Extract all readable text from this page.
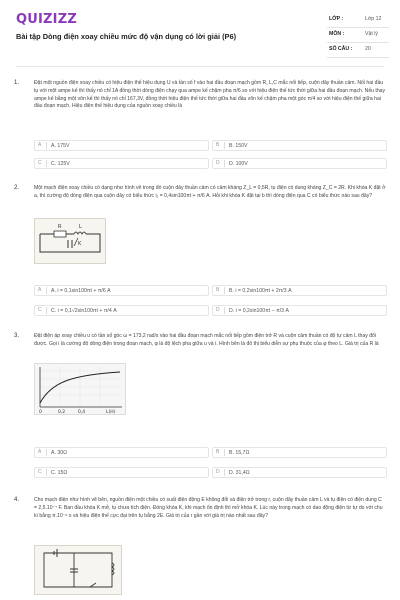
QUIZIZZ
Bài tập Dòng điện xoay chiều mức độ vận dụng có lời giải (P6)
LỚP :	Lớp 12
MÔN :	Vật lý
SỐ CÂU : 20
1.	Đặt một nguồn điện xoay chiều có hiệu điện thế hiệu dụng U và tần số f vào hai đầu đoạn mạch gồm R, L,C mắc nối tiếp, cuộn dây thuần cảm. Nối hai đầu tụ với một ampe kế thì thấy nó chỉ 1A đồng thời dòng điện chạy qua ampe kế chậm pha π/6 so với hiệu điện thế tức thời giữa hai đầu đoạn mạch. Nếu thay ampe kế bằng một vôn kế thì thấy nó chỉ 167,3V, đồng thời hiệu điện thế tức thời giữa hai đầu vôn kế chậm pha một góc π/4 so với hiệu điện thế giữa hai đầu đoạn mạch. Hiệu điện thế hiệu dụng của nguồn xoay chiều là
A	A. 175V	B	B. 150V
C C. 125V	D D. 100V
2.	Một mạch điện xoay chiều có dạng như hình vẽ trong đó cuộn dây thuần cảm có cảm kháng Z_L = 0,5R, tụ điện có dung kháng Z_C = 2R. Khi khóa K đặt ở a, thì cường độ dòng điện qua cuộn dây có biểu thức i₁ = 0,4sin100πt + π/6 A. Hỏi khi khóa K đặt tại b thì dòng điện qua C có biểu thức nào sau đây?
R	L
K
A	A. i = 0,1sin100πt + π/6 A	B	B. i = 0,2sin100πt + 2π/3 A
C C. i = 0,1√2sin100πt + π/4 A	D D. i = 0,2sin100πt − π/3 A
3.	Đặt điện áp xoay chiều u có tần số góc ω = 173,2 rad/s vào hai đầu đoạn mạch mắc nối tiếp gồm điện trở R và cuộn cảm thuần có độ tự cảm L thay đổi được. Gọi i là cường độ dòng điện trong đoạn mạch, φ là độ lệch pha giữa u và i. Hình bên là đồ thị biểu diễn sự phụ thuộc của φ theo L. Giá trị của R là
0	0,2	0,4	L(H)
A	A. 30Ω	B	B. 15,7Ω
C C. 15Ω	D D. 31,4Ω
4.	Cho mạch điện như hình vẽ bên, nguồn điện một chiều có suất điện động E không đổi và điện trở trong r, cuộn dây thuần cảm L và tụ điện có điện dung C = 2,5.10⁻⁷ F. Ban đầu khóa K mở, tụ chưa tích điện. Đóng khóa K, khi mạch ổn định thì mở khóa K. Lúc này trong mạch có dao động điện từ tự do với chu kì bằng π.10⁻⁶ s và hiệu điện thế cực đại trên tụ bằng 2E. Giá trị của r gần với giá trị nào nhất sau đây?
